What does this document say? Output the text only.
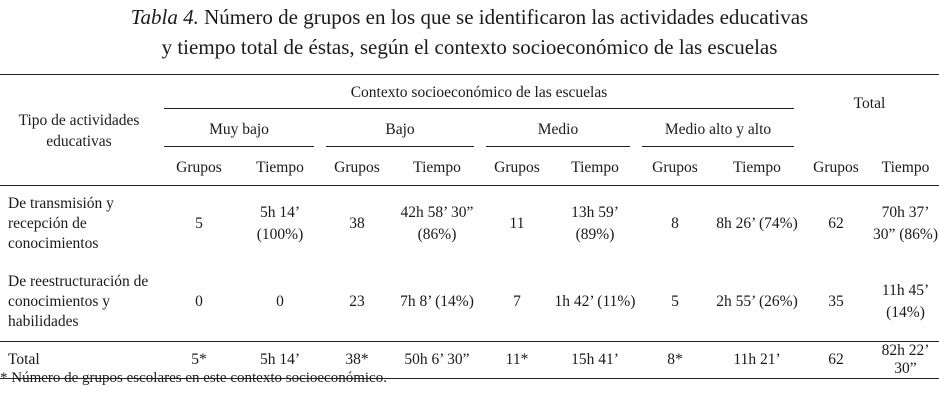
Tabla 4. Número de grupos en los que se identificaron las actividades educativas
y tiempo total de éstas, según el contexto socioeconómico de las escuelas
Tipo de actividades educativas	Contexto socioeconómico de las escuelas								Total	

	Muy bajo		Bajo		Medio		Medio alto y alto			

	Grupos	Tiempo	Grupos	Tiempo	Grupos	Tiempo	Grupos	Tiempo	Grupos	Tiempo
De transmisión y recepción de conocimientos	5	5h 14’ (100%)	38	42h 58’ 30” (86%)	11	13h 59’ (89%)	8	8h 26’ (74%)	62	70h 37’ 30” (86%)
De reestructuración de conocimientos y habilidades	0	0	23	7h 8’ (14%)	7	1h 42’ (11%)	5	2h 55’ (26%)	35	11h 45’ (14%)
Total	5*	5h 14’	38*	50h 6’ 30”	11*	15h 41’	8*	11h 21’	62	82h 22’ 30”
* Número de grupos escolares en este contexto socioeconómico.
